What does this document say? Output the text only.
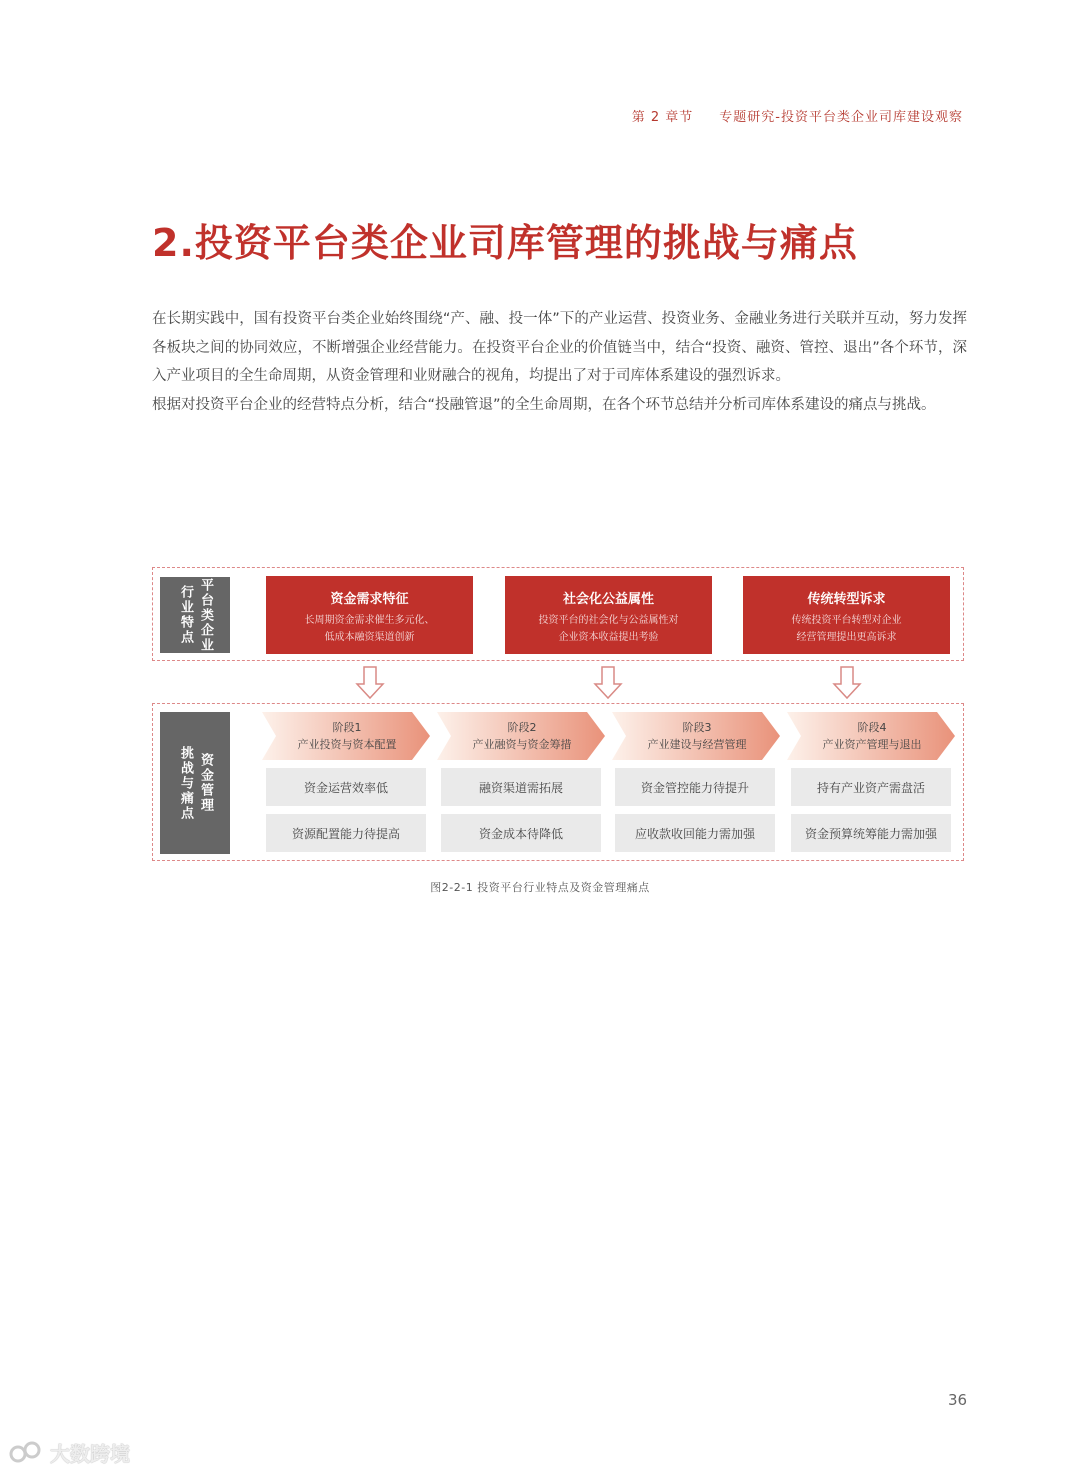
第 2 章节 专题研究-投资平台类企业司库建设观察
2.投资平台类企业司库管理的挑战与痛点

在长期实践中，国有投资平台类企业始终围绕“产、融、投一体”下的产业运营、投资业务、金融业务进行关联并互动，努力发挥各板块之间的协同效应，不断增强企业经营能力。在投资平台企业的价值链当中，结合“投资、融资、管控、退出”各个环节，深入产业项目的全生命周期，从资金管理和业财融合的视角，均提出了对于司库体系建设的强烈诉求。

根据对投资平台企业的经营特点分析，结合“投融管退”的全生命周期，在各个环节总结并分析司库体系建设的痛点与挑战。

行业特点 平台类企业	资金需求特征
长周期资金需求催生多元化、
低成本融资渠道创新
社会化公益属性
投资平台的社会化与公益属性对
企业资本收益提出考验
传统转型诉求
传统投资平台转型对企业
经营管理提出更高诉求
挑战与痛点 资金管理
阶段1
产业投资与资本配置
阶段2
产业融资与资金筹措
阶段3
产业建设与经营管理
阶段4
产业资产管理与退出
资金运营效率低
资源配置能力待提高
融资渠道需拓展
资金成本待降低
资金管控能力待提升
应收款收回能力需加强
持有产业资产需盘活
资金预算统筹能力需加强
图2-2-1 投资平台行业特点及资金管理痛点
36
大数跨境
